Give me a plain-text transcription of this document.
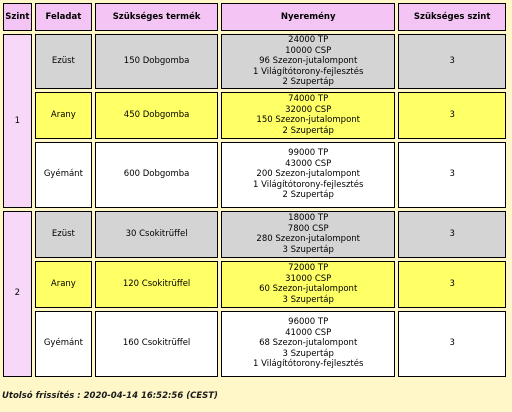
Szint	Feladat	Szükséges termék	Nyeremény	Szükséges szint
1	Ezüst	150 Dobgomba	24000 TP
10000 CSP
96 Szezon-jutalompont
1 Világítótorony-fejlesztés
2 Szupertáp	3
	Arany	450 Dobgomba	74000 TP
32000 CSP
150 Szezon-jutalompont
2 Szupertáp	3
	Gyémánt	600 Dobgomba	99000 TP
43000 CSP
200 Szezon-jutalompont
1 Világítótorony-fejlesztés
2 Szupertáp	3
2	Ezüst	30 Csokitrüffel	18000 TP
7800 CSP
280 Szezon-jutalompont
3 Szupertáp	3
	Arany	120 Csokitrüffel	72000 TP
31000 CSP
60 Szezon-jutalompont
3 Szupertáp	3
	Gyémánt	160 Csokitrüffel	96000 TP
41000 CSP
68 Szezon-jutalompont
3 Szupertáp
1 Világítótorony-fejlesztés	3
Utolsó frissítés : 2020-04-14 16:52:56 (CEST)
